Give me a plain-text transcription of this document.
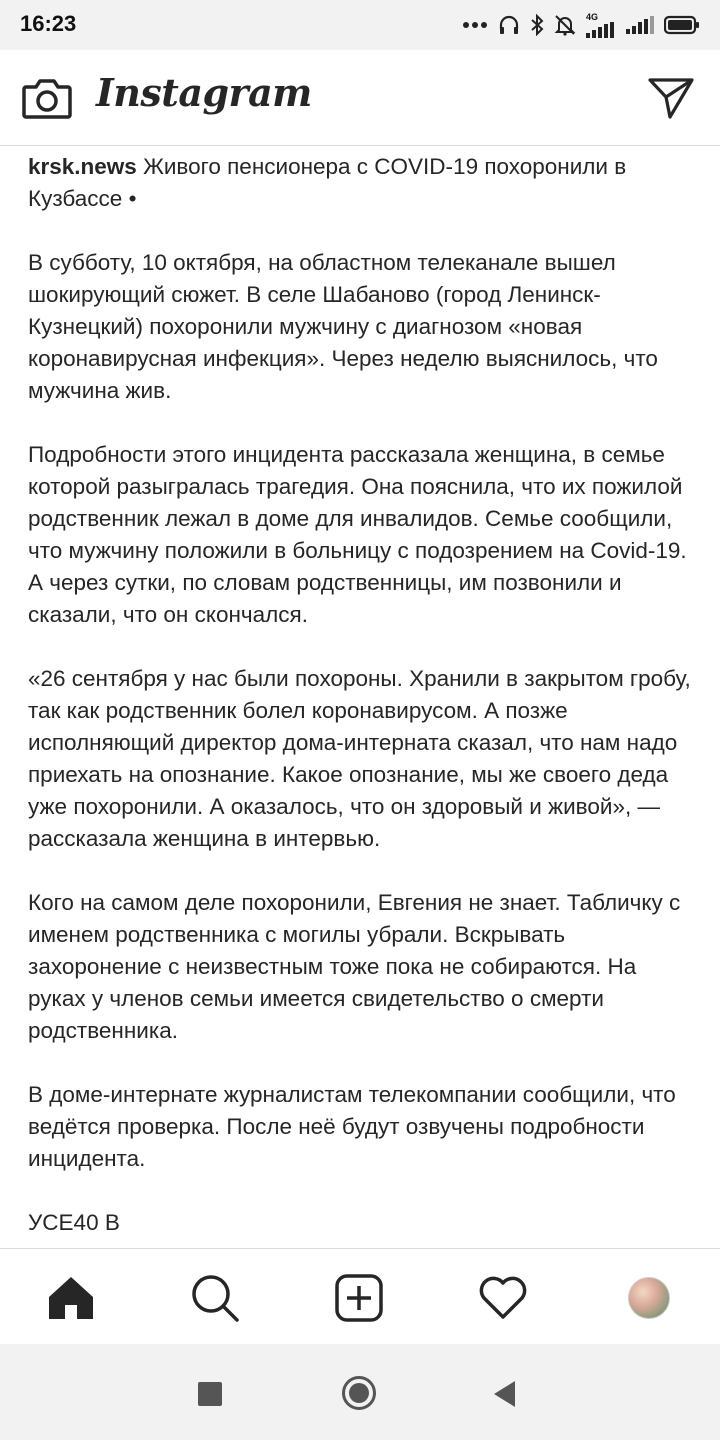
16:23	4G
Instagram

krsk.news Живого пенсионера с COVID-19 похоронили в Кузбассе •

В субботу, 10 октября, на областном телеканале вышел шокирующий сюжет. В селе Шабаново (город Ленинск-Кузнецкий) похоронили мужчину с диагнозом «новая коронавирусная инфекция». Через неделю выяснилось, что мужчина жив.

Подробности этого инцидента рассказала женщина, в семье которой разыгралась трагедия. Она пояснила, что их пожилой родственник лежал в доме для инвалидов. Семье сообщили, что мужчину положили в больницу с подозрением на Covid-19. А через сутки, по словам родственницы, им позвонили и сказали, что он скончался.

«26 сентября у нас были похороны. Хранили в закрытом гробу, так как родственник болел коронавирусом. А позже исполняющий директор дома-интерната сказал, что нам надо приехать на опознание. Какое опознание, мы же своего деда уже похоронили. А оказалось, что он здоровый и живой», — рассказала женщина в интервью.

Кого на самом деле похоронили, Евгения не знает. Табличку с именем родственника с могилы убрали. Вскрывать захоронение с неизвестным тоже пока не собираются. На руках у членов семьи имеется свидетельство о смерти родственника.

В доме-интернате журналистам телекомпании сообщили, что ведётся проверка. После неё будут озвучены подробности инцидента.

УСЕ40 В
